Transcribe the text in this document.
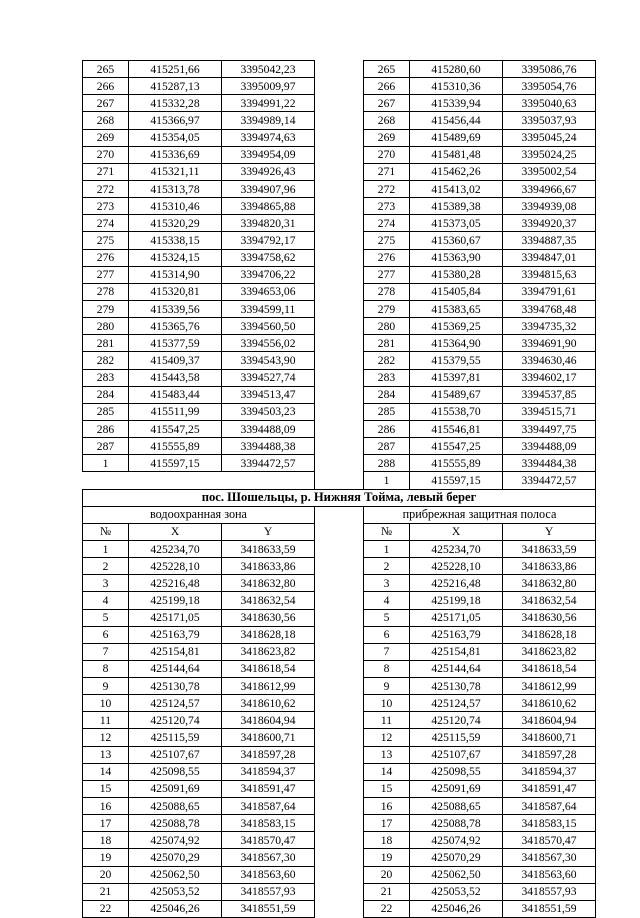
265	415251,66	3395042,23		265	415280,60	3395086,76
266	415287,13	3395009,97		266	415310,36	3395054,76
267	415332,28	3394991,22		267	415339,94	3395040,63
268	415366,97	3394989,14		268	415456,44	3395037,93
269	415354,05	3394974,63		269	415489,69	3395045,24
270	415336,69	3394954,09		270	415481,48	3395024,25
271	415321,11	3394926,43		271	415462,26	3395002,54
272	415313,78	3394907,96		272	415413,02	3394966,67
273	415310,46	3394865,88		273	415389,38	3394939,08
274	415320,29	3394820,31		274	415373,05	3394920,37
275	415338,15	3394792,17		275	415360,67	3394887,35
276	415324,15	3394758,62		276	415363,90	3394847,01
277	415314,90	3394706,22		277	415380,28	3394815,63
278	415320,81	3394653,06		278	415405,84	3394791,61
279	415339,56	3394599,11		279	415383,65	3394768,48
280	415365,76	3394560,50		280	415369,25	3394735,32
281	415377,59	3394556,02		281	415364,90	3394691,90
282	415409,37	3394543,90		282	415379,55	3394630,46
283	415443,58	3394527,74		283	415397,81	3394602,17
284	415483,44	3394513,47		284	415489,67	3394537,85
285	415511,99	3394503,23		285	415538,70	3394515,71
286	415547,25	3394488,09		286	415546,81	3394497,75
287	415555,89	3394488,38		287	415547,25	3394488,09
1	415597,15	3394472,57		288	415555,89	3394484,38
				1	415597,15	3394472,57
пос. Шошельцы, р. Нижняя Тойма, левый берег						
водоохранная зона				прибрежная защитная полоса		
№	X	Y		№	X	Y
1	425234,70	3418633,59		1	425234,70	3418633,59
2	425228,10	3418633,86		2	425228,10	3418633,86
3	425216,48	3418632,80		3	425216,48	3418632,80
4	425199,18	3418632,54		4	425199,18	3418632,54
5	425171,05	3418630,56		5	425171,05	3418630,56
6	425163,79	3418628,18		6	425163,79	3418628,18
7	425154,81	3418623,82		7	425154,81	3418623,82
8	425144,64	3418618,54		8	425144,64	3418618,54
9	425130,78	3418612,99		9	425130,78	3418612,99
10	425124,57	3418610,62		10	425124,57	3418610,62
11	425120,74	3418604,94		11	425120,74	3418604,94
12	425115,59	3418600,71		12	425115,59	3418600,71
13	425107,67	3418597,28		13	425107,67	3418597,28
14	425098,55	3418594,37		14	425098,55	3418594,37
15	425091,69	3418591,47		15	425091,69	3418591,47
16	425088,65	3418587,64		16	425088,65	3418587,64
17	425088,78	3418583,15		17	425088,78	3418583,15
18	425074,92	3418570,47		18	425074,92	3418570,47
19	425070,29	3418567,30		19	425070,29	3418567,30
20	425062,50	3418563,60		20	425062,50	3418563,60
21	425053,52	3418557,93		21	425053,52	3418557,93
22	425046,26	3418551,59		22	425046,26	3418551,59
